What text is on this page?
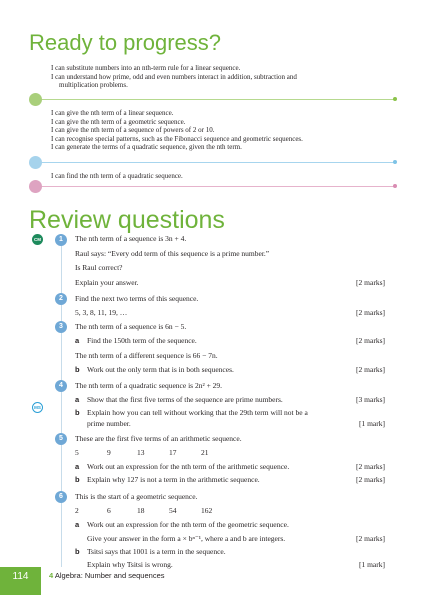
Ready to progress?
I can substitute numbers into an nth-term rule for a linear sequence.
I can understand how prime, odd and even numbers interact in addition, subtraction and
multiplication problems.
I can give the nth term of a linear sequence.
I can give the nth term of a geometric sequence.
I can give the nth term of a sequence of powers of 2 or 10.
I can recognise special patterns, such as the Fibonacci sequence and geometric sequences.
I can generate the terms of a quadratic sequence, given the nth term.
I can find the nth term of a quadratic sequence.
Review questions
CM
MS
1	The nth term of a sequence is 3n + 4.
Raul says: “Every odd term of this sequence is a prime number.”
Is Raul correct?
Explain your answer.	[2 marks]
2	Find the next two terms of this sequence.
5, 3, 8, 11, 19, …	[2 marks]
3	The nth term of a sequence is 6n − 5.
a Find the 150th term of the sequence.	[2 marks]
The nth term of a different sequence is 66 − 7n.
b Work out the only term that is in both sequences.	[2 marks]
4	The nth term of a quadratic sequence is 2n² + 29.
a Show that the first five terms of the sequence are prime numbers.	[3 marks]
b Explain how you can tell without working that the 29th term will not be a
prime number.	[1 mark]
5	These are the first five terms of an arithmetic sequence.
5	9	13	17	21
a Work out an expression for the nth term of the arithmetic sequence.	[2 marks]
b Explain why 127 is not a term in the arithmetic sequence.	[2 marks]
6	This is the start of a geometric sequence.
2	6	18	54	162
a Work out an expression for the nth term of the geometric sequence.
Give your answer in the form a × bⁿ⁻¹, where a and b are integers.	[2 marks]
b Tsitsi says that 1001 is a term in the sequence.
Explain why Tsitsi is wrong.	[1 mark]
114	4 Algebra: Number and sequences
